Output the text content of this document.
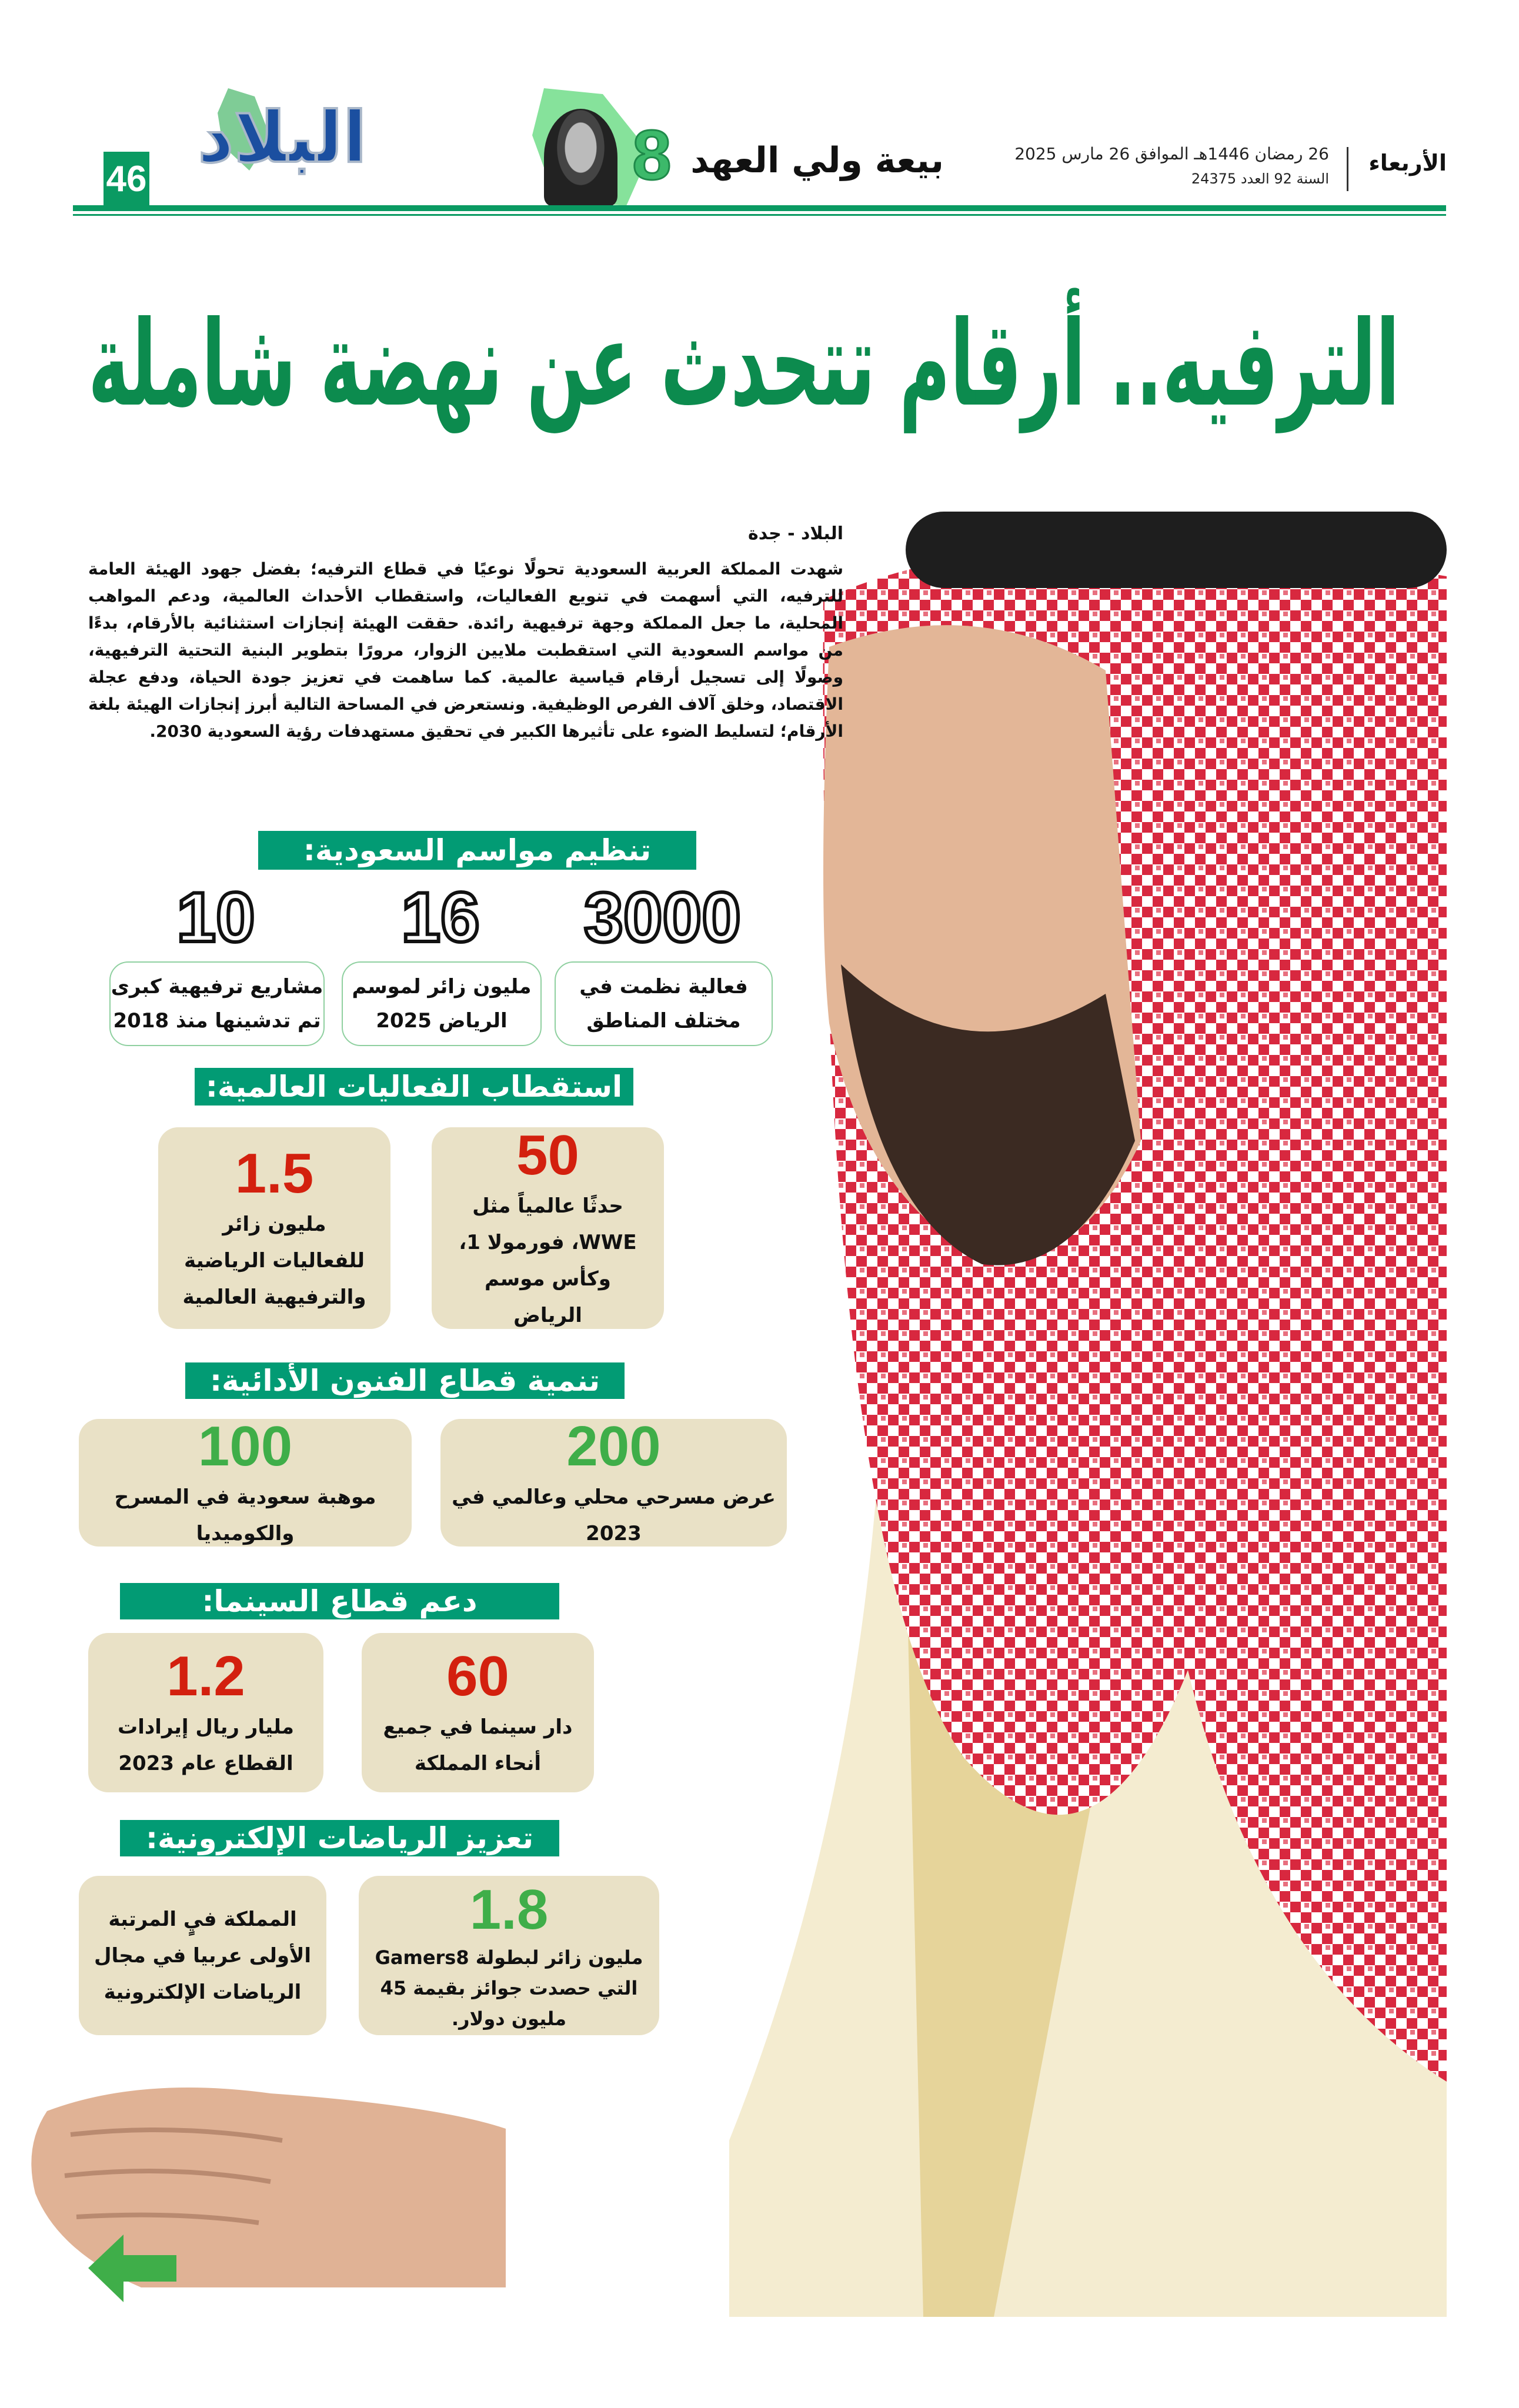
46 البلاد	8 بيعة ولي العهد	26 رمضان 1446هـ الموافق 26 مارس 2025
السنة 92 العدد 24375
الأربعاء
الترفيه.. أرقام تتحدث عن نهضة شاملة
البلاد - جدة
شهدت المملكة العربية السعودية تحولًا نوعيًا في قطاع الترفيه؛ بفضل جهود الهيئة العامة للترفيه، التي أسهمت في تنويع الفعاليات، واستقطاب الأحداث العالمية، ودعم المواهب المحلية، ما جعل المملكة وجهة ترفيهية رائدة. حققت الهيئة إنجازات استثنائية بالأرقام، بدءًا من مواسم السعودية التي استقطبت ملايين الزوار، مرورًا بتطوير البنية التحتية الترفيهية، وصولًا إلى تسجيل أرقام قياسية عالمية. كما ساهمت في تعزيز جودة الحياة، ودفع عجلة الاقتصاد، وخلق آلاف الفرص الوظيفية. ونستعرض في المساحة التالية أبرز إنجازات الهيئة بلغة الأرقام؛ لتسليط الضوء على تأثيرها الكبير في تحقيق مستهدفات رؤية السعودية 2030.
تنظيم مواسم السعودية:
3000
16
10
فعالية نظمت في مختلف المناطق
مليون زائر لموسم الرياض 2025
مشاريع ترفيهية كبرى تم تدشينها منذ 2018
استقطاب الفعاليات العالمية:
50
حدثًا عالمياً مثل WWE، فورمولا 1، وكأس موسم الرياض
1.5
مليون زائر للفعاليات الرياضية والترفيهية العالمية
تنمية قطاع الفنون الأدائية:
200
عرض مسرحي محلي وعالمي في 2023
100
موهبة سعودية في المسرح والكوميديا
دعم قطاع السينما:
60
دار سينما في جميع أنحاء المملكة
1.2
مليار ريال إيرادات القطاع عام 2023
تعزيز الرياضات الإلكترونية:
1.8
مليون زائر لبطولة Gamers8 التي حصدت جوائز بقيمة 45 مليون دولار.
المملكة فيٍ المرتبة الأولى عربيا في مجال الرياضات الإلكترونية
